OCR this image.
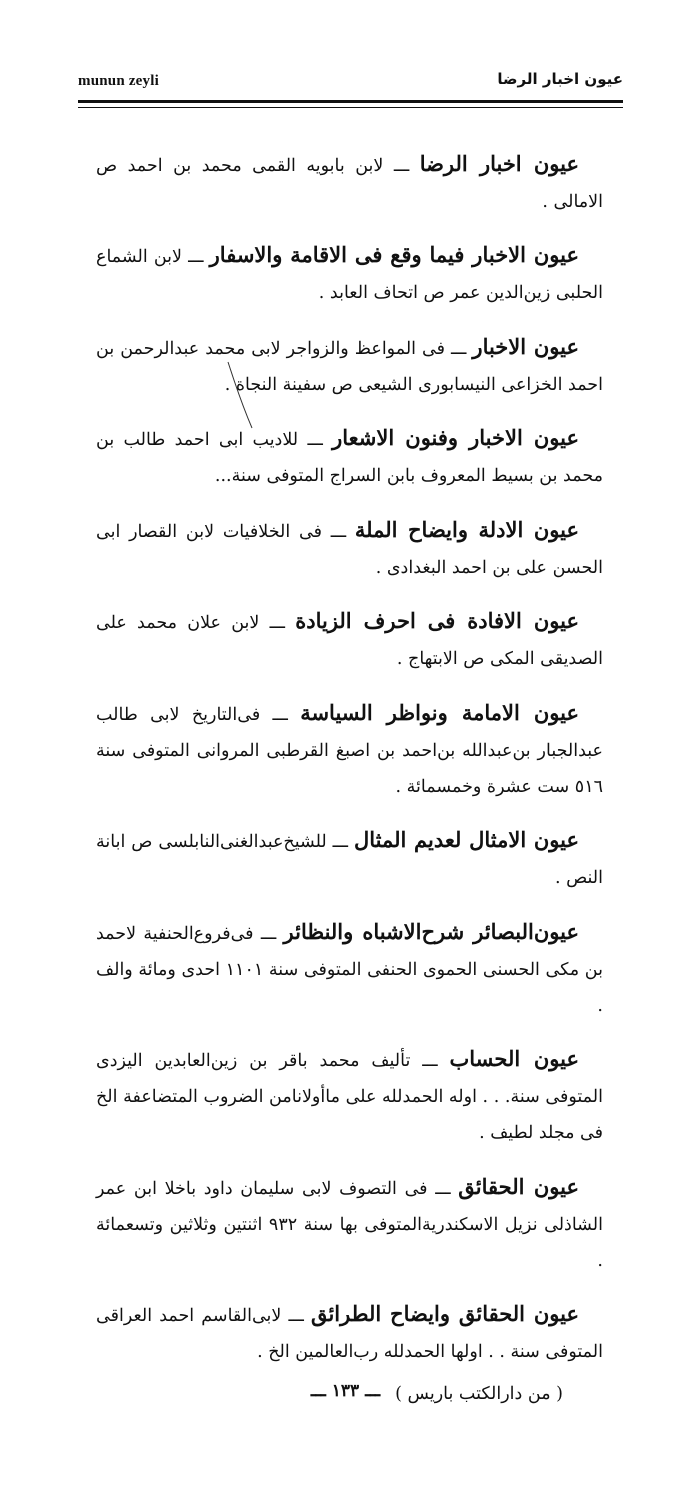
munun zeyli	عيون اخبار الرضا

عيون اخبار الرضا ـــ لابن بابويه القمى محمد بن احمد ص الامالى .

عيون الاخبار فيما وقع فى الاقامة والاسفار ـــ لابن الشماع الحلبى زين‌الدين عمر ص اتحاف العابد .

عيون الاخبار ـــ فى المواعظ والزواجر لابى محمد عبدالرحمن بن احمد الخزاعى النيسابورى الشيعى ص سفينة النجاة .

عيون الاخبار وفنون الاشعار ـــ للاديب ابى احمد طالب بن محمد بن بسيط المعروف بابن السراج المتوفى سنة...

عيون الادلة وايضاح الملة ـــ فى الخلافيات لابن القصار ابى الحسن على بن احمد البغدادى .

عيون الافادة فى احرف الزيادة ـــ لابن علان محمد على الصديقى المكى ص الابتهاج .

عيون الامامة ونواظر السياسة ـــ فى‌التاريخ لابى طالب عبدالجبار بن‌عبدالله بن‌احمد بن اصبغ القرطبى المروانى المتوفى سنة ٥١٦ ست عشرة وخمسمائة .

عيون الامثال لعديم المثال ـــ للشيخ‌عبدالغنى‌النابلسى ص ابانة النص .

عيون‌البصائر شرح‌الاشباه والنظائر ـــ فى‌فروع‌الحنفية لاحمد بن مكى الحسنى الحموى الحنفى المتوفى سنة ١١٠١ احدى ومائة والف .

عيون الحساب ـــ تأليف محمد باقر بن زين‌العابدين اليزدى المتوفى سنة. . . اوله الحمدلله على ماأولانامن الضروب المتضاعفة الخ فى مجلد لطيف .

عيون الحقائق ـــ فى التصوف لابى سليمان داود باخلا ابن عمر الشاذلى نزيل الاسكندرية‌المتوفى بها سنة ٩٣٢ اثنتين وثلاثين وتسعمائة .

عيون الحقائق وايضاح الطرائق ـــ لابى‌القاسم احمد العراقى المتوفى سنة . . اولها الحمدلله رب‌العالمين الخ .

( من دارالكتب باريس )
ـــ ١٣٣ ـــ
